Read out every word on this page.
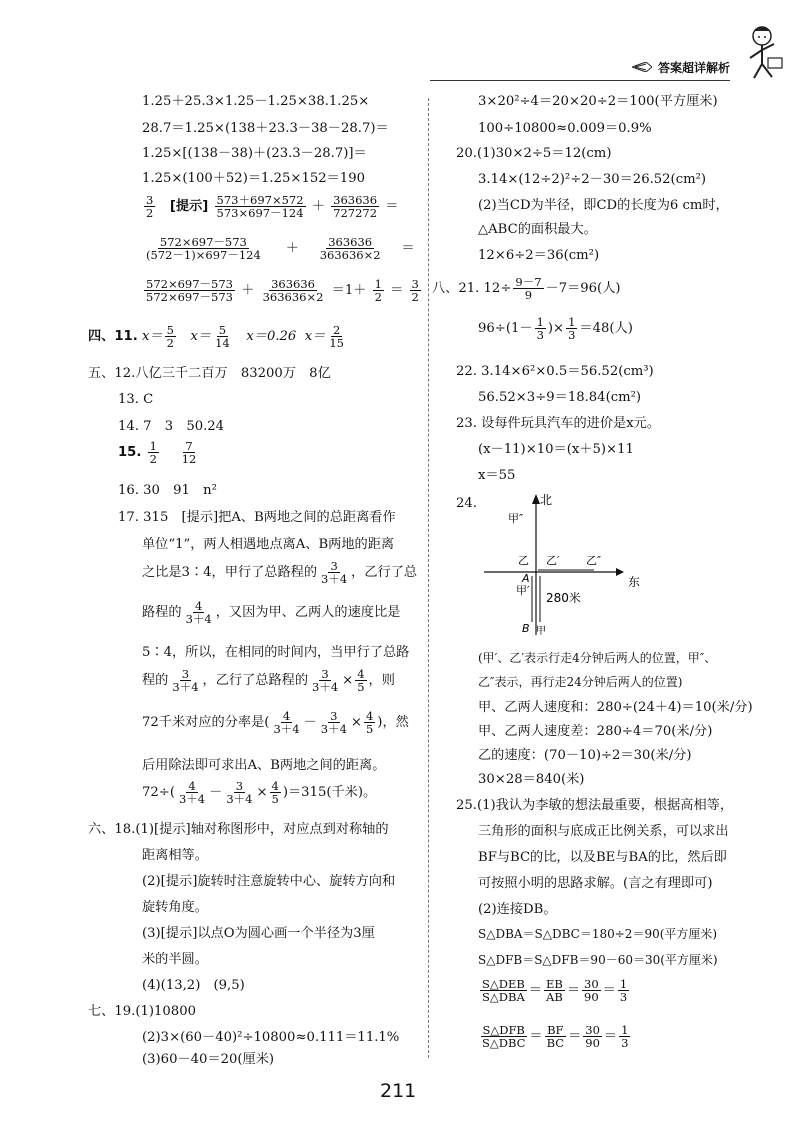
答案超详解析
1.25＋25.3×1.25－1.25×38.1.25×
28.7＝1.25×(138＋23.3－38－28.7)＝
1.25×[(138－38)＋(23.3－28.7)]＝
1.25×(100＋52)＝1.25×152＝190
$\frac{3}{2}$ [提示] $\frac{573+697\times 572}{573\times 697-124} + \frac{363636}{727272}$ ＝
$\frac{572\times 697-573}{(572-1)\times 697-124} + \frac{363636}{363636\times 2}$ ＝
$\frac{572\times 697-573}{572\times 697-573} + \frac{363636}{363636\times 2} =1+ \frac{1}{2} = \frac{3}{2}$
四、11. $x= \frac{5}{2} x= \frac{5}{14} x=0.26$ $x= \frac{2}{15}$
五、12.八亿三千二百万　83200万　8亿
13. C
14. 7　3　50.24
15. $\frac{1}{2}$
$\frac{7}{12}$
16. 30　91　n²
17. 315　[提示]把A、B两地之间的总距离看作
单位“1”，两人相遇地点离A、B两地的距离
之比是3∶4，甲行了总路程的 $\frac{3}{3+4}$ ，乙行了总
路程的 $\frac{4}{3+4}$ ，又因为甲、乙两人的速度比是
5∶4，所以，在相同的时间内，当甲行了总路
程的 $\frac{3}{3+4}$ ，乙行了总路程的 $\frac{3}{3+4} \times \frac{4}{5}$ ，则
72千米对应的分率是( $\frac{4}{3+4} - \frac{3}{3+4} \times \frac{4}{5}$ )，然
后用除法即可求出A、B两地之间的距离。
$72\div( \frac{4}{3+4} - \frac{3}{3+4} \times \frac{4}{5} )=315$(千米)。
六、18.(1)[提示]轴对称图形中，对应点到对称轴的
距离相等。
(2)[提示]旋转时注意旋转中心、旋转方向和
旋转角度。
(3)[提示]以点O为圆心画一个半径为3厘
米的半圆。
(4)(13,2)　(9,5)
七、19.(1)10800
(2)3×(60－40)²÷10800≈0.111＝11.1%
(3)60－40＝20(厘米)
3×20²÷4＝20×20÷2＝100(平方厘米)
100÷10800≈0.009＝0.9%
20.(1)30×2÷5＝12(cm)
3.14×(12÷2)²÷2－30＝26.52(cm²)
(2)当CD为半径，即CD的长度为6 cm时，
△ABC的面积最大。
12×6÷2＝36(cm²)
八、21. $12\div \frac{9-7}{9} -7=96$(人)
$96\div(1- \frac{1}{3}$ )× $\frac{1}{3} =48$(人)
22. 3.14×6²×0.5＝56.52(cm³)
56.52×3÷9＝18.84(cm²)
23. 设每件玩具汽车的进价是x元。
(x－11)×10＝(x＋5)×11
x＝55
24.	北
东
甲″
乙 乙′ 乙″
A
甲′
280米
B 甲
(甲′、乙′表示行走4分钟后两人的位置，甲″、
乙″表示，再行走24分钟后两人的位置)
甲、乙两人速度和：280÷(24＋4)＝10(米/分)
甲、乙两人速度差：280÷4＝70(米/分)
乙的速度：(70－10)÷2＝30(米/分)
30×28＝840(米)
25.(1)我认为李敏的想法最重要，根据高相等，
三角形的面积与底成正比例关系，可以求出
BF与BC的比，以及BE与BA的比，然后即
可按照小明的思路求解。(言之有理即可)
(2)连接DB。
S△DBA＝S△DBC＝180÷2＝90(平方厘米)
S△DFB＝S△DFB＝90－60＝30(平方厘米)
$\frac{\text{S△DEB}}{\text{S△DBA}} = \frac{EB}{AB} = \frac{30}{90} = \frac{1}{3}$
$\frac{\text{S△DFB}}{\text{S△DBC}} = \frac{BF}{BC} = \frac{30}{90} = \frac{1}{3}$
211
